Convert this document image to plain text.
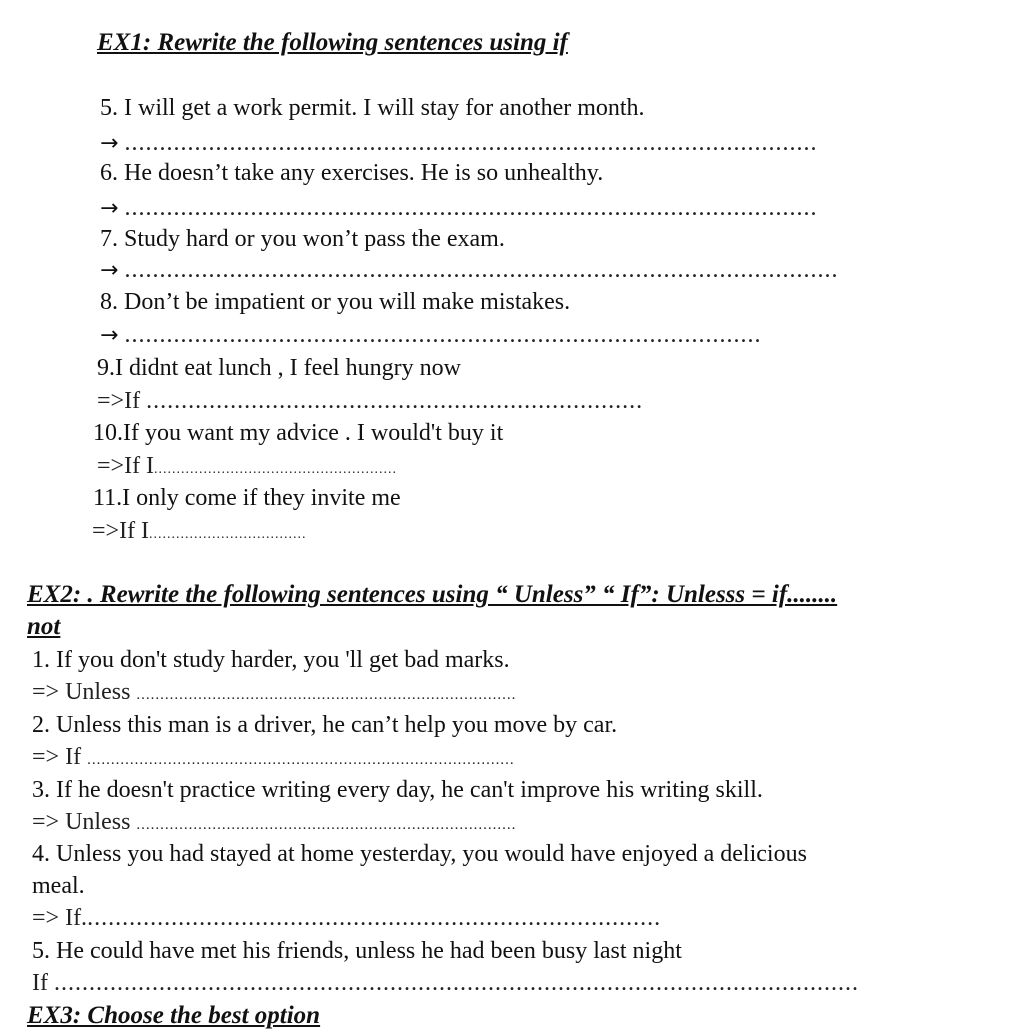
EX1: Rewrite the following sentences using if
5. I will get a work permit. I will stay for another month.
→ ...................................................................................................
6. He doesn’t take any exercises. He is so unhealthy.
→ ...................................................................................................
7. Study hard or you won’t pass the exam.
→ ......................................................................................................
8. Don’t be impatient or you will make mistakes.
→ ...........................................................................................
9.I didnt eat lunch , I feel hungry now
=>If .......................................................................
10.If you want my advice . I would't buy it
=>If I......................................................
11.I only come if they invite me
=>If I...................................
EX2: . Rewrite the following sentences using “ Unless” “ If”: Unlesss = if........
not
1. If you don't study harder, you 'll get bad marks.
=> Unless ................................................................................
2. Unless this man is a driver, he can’t help you move by car.
=> If ..........................................................................................
3. If he doesn't practice writing every day, he can't improve his writing skill.
=> Unless ................................................................................
4. Unless you had stayed at home yesterday, you would have enjoyed a delicious
meal.
=> If...................................................................................
5. He could have met his friends, unless he had been busy last night
If ...................................................................................................................
EX3: Choose the best option
